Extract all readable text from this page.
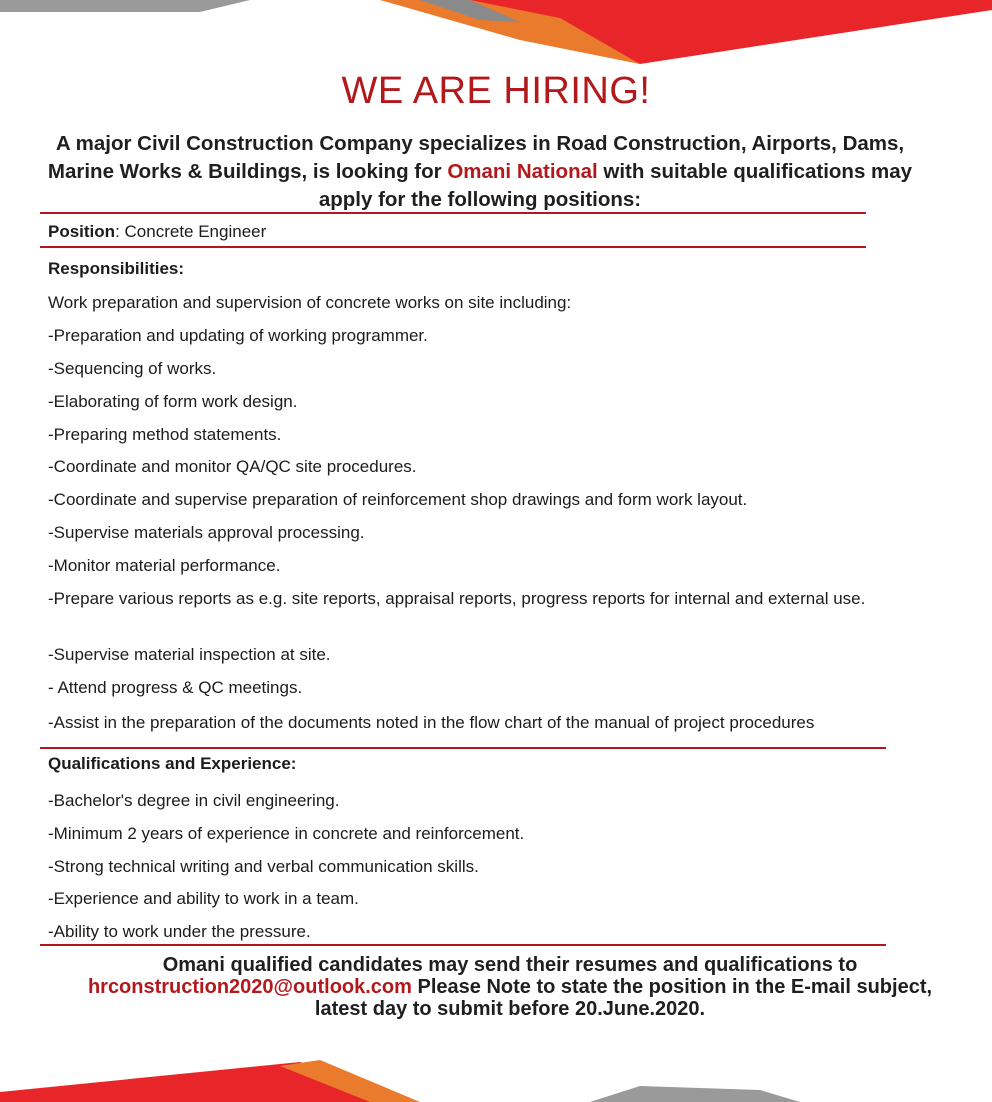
WE ARE HIRING!
A major Civil Construction Company specializes in Road Construction, Airports, Dams, Marine Works & Buildings, is looking for Omani National with suitable qualifications may apply for the following positions:
Position: Concrete Engineer
Responsibilities:
Work preparation and supervision of concrete works on site including:
-Preparation and updating of working programmer.
-Sequencing of works.
-Elaborating of form work design.
-Preparing method statements.
-Coordinate and monitor QA/QC site procedures.
-Coordinate and supervise preparation of reinforcement shop drawings and form work layout.
-Supervise materials approval processing.
-Monitor material performance.
-Prepare various reports as e.g. site reports, appraisal reports, progress reports for internal and external use.
-Supervise material inspection at site.
- Attend progress & QC meetings.
-Assist in the preparation of the documents noted in the flow chart of the manual of project procedures
Qualifications and Experience:
-Bachelor's degree in civil engineering.
-Minimum 2 years of experience in concrete and reinforcement.
-Strong technical writing and verbal communication skills.
-Experience and ability to work in a team.
-Ability to work under the pressure.
Omani qualified candidates may send their resumes and qualifications to
hrconstruction2020@outlook.com Please Note to state the position in the E-mail subject,
latest day to submit before 20.June.2020.
